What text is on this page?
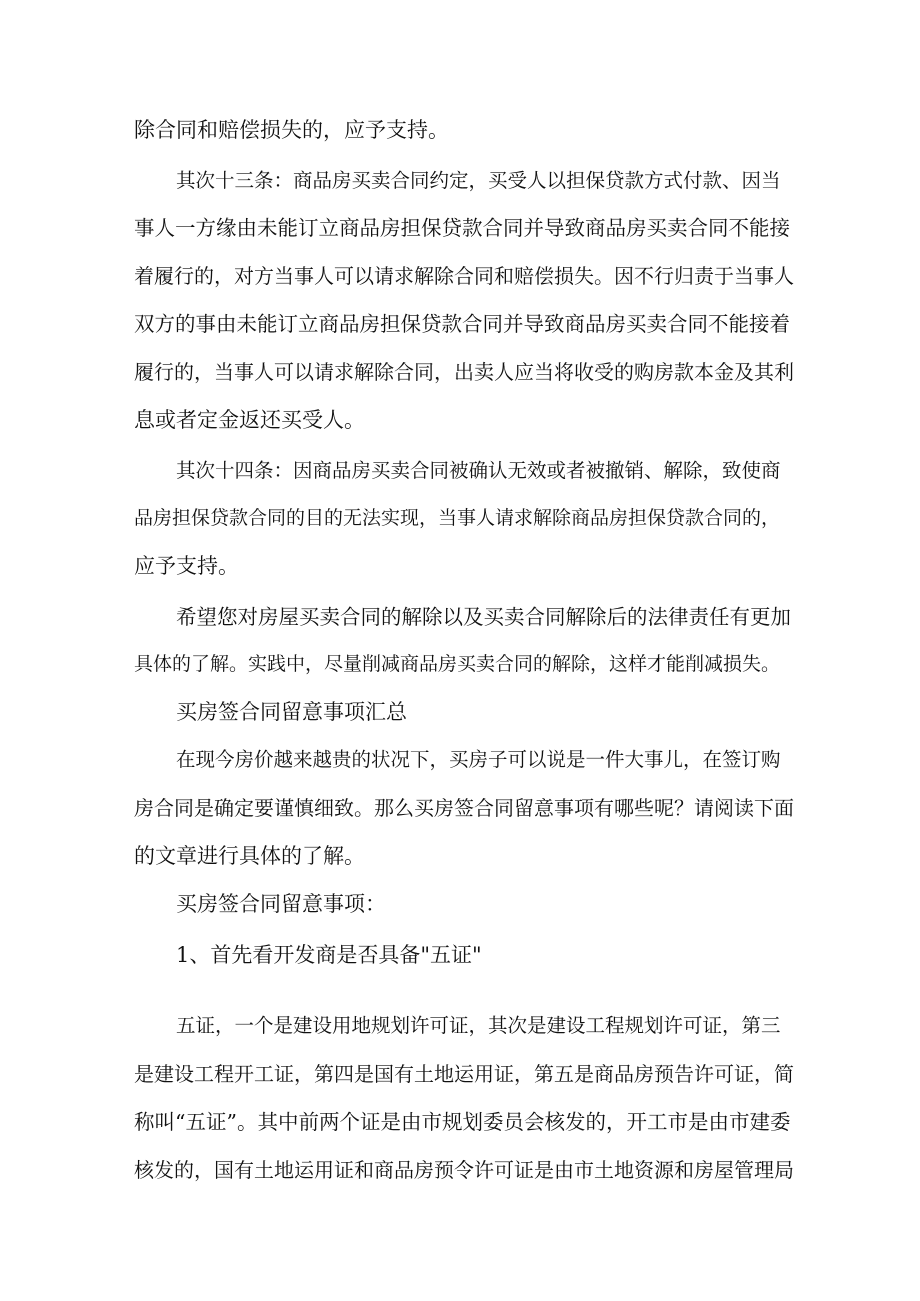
除合同和赔偿损失的，应予支持。
其次十三条：商品房买卖合同约定，买受人以担保贷款方式付款、因当
事人一方缘由未能订立商品房担保贷款合同并导致商品房买卖合同不能接
着履行的，对方当事人可以请求解除合同和赔偿损失。因不行归责于当事人
双方的事由未能订立商品房担保贷款合同并导致商品房买卖合同不能接着
履行的，当事人可以请求解除合同，出卖人应当将收受的购房款本金及其利
息或者定金返还买受人。
其次十四条：因商品房买卖合同被确认无效或者被撤销、解除，致使商
品房担保贷款合同的目的无法实现，当事人请求解除商品房担保贷款合同的，
应予支持。
希望您对房屋买卖合同的解除以及买卖合同解除后的法律责任有更加
具体的了解。实践中，尽量削减商品房买卖合同的解除，这样才能削减损失。
买房签合同留意事项汇总
在现今房价越来越贵的状况下，买房子可以说是一件大事儿，在签订购
房合同是确定要谨慎细致。那么买房签合同留意事项有哪些呢？请阅读下面
的文章进行具体的了解。
买房签合同留意事项：
1、首先看开发商是否具备"五证"
五证，一个是建设用地规划许可证，其次是建设工程规划许可证，第三
是建设工程开工证，第四是国有土地运用证，第五是商品房预告许可证，简
称叫“五证”。其中前两个证是由市规划委员会核发的，开工市是由市建委
核发的，国有土地运用证和商品房预令许可证是由市土地资源和房屋管理局
